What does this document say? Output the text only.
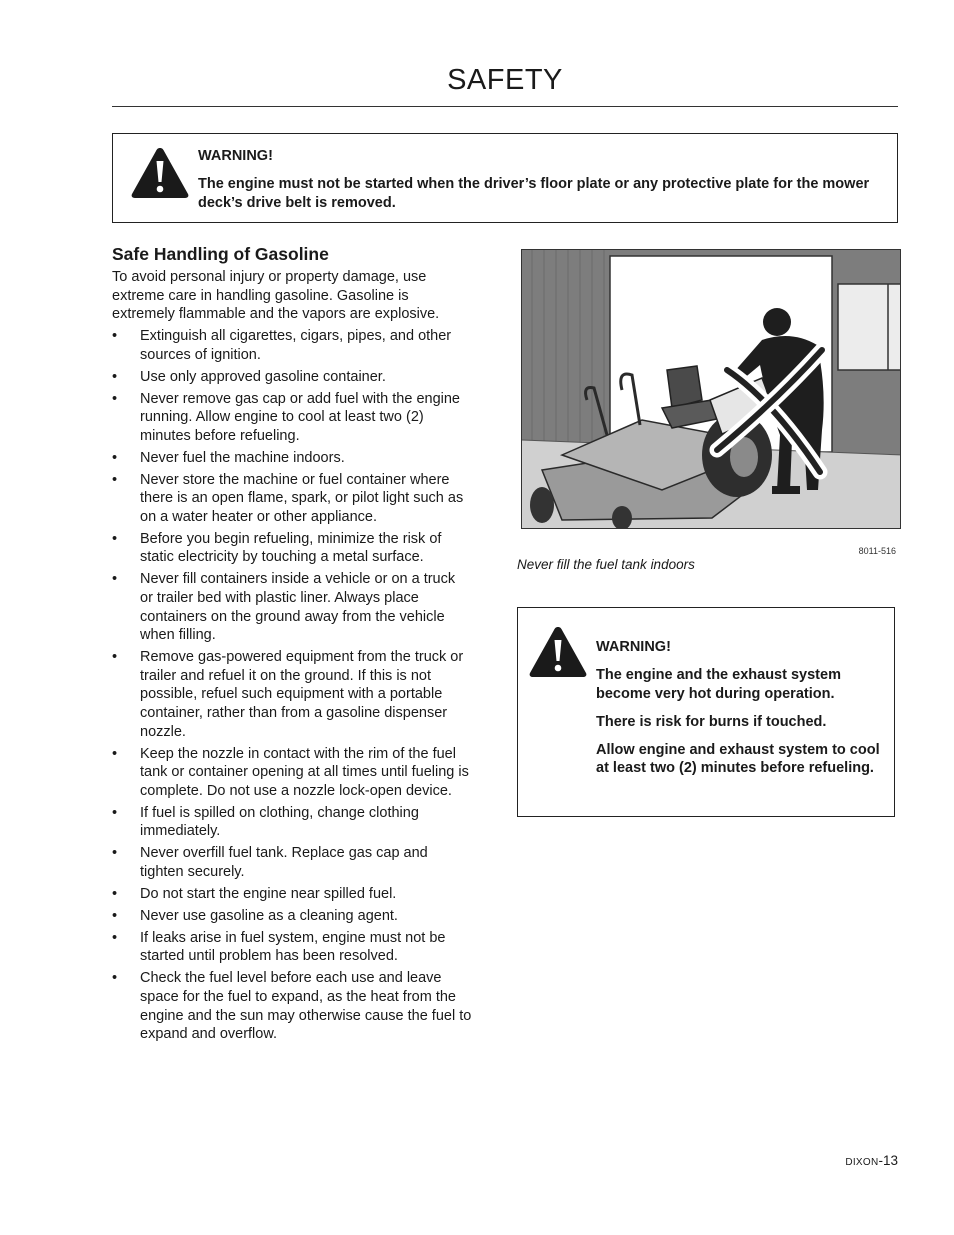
SAFETY

WARNING!

The engine must not be started when the driver’s floor plate or any protective plate for the mower deck’s drive belt is removed.

Safe Handling of Gasoline

To avoid personal injury or property damage, use extreme care in handling gasoline. Gasoline is extremely flammable and the vapors are explosive.

• Extinguish all cigarettes, cigars, pipes, and other sources of ignition.
• Use only approved gasoline container.
• Never remove gas cap or add fuel with the engine running. Allow engine to cool at least two (2) minutes before refueling.
• Never fuel the machine indoors.
• Never store the machine or fuel container where there is an open flame, spark, or pilot light such as on a water heater or other appliance.
• Before you begin refueling, minimize the risk of static electricity by touching a metal surface.
• Never fill containers inside a vehicle or on a truck or trailer bed with plastic liner. Always place containers on the ground away from the vehicle when filling.
• Remove gas-powered equipment from the truck or trailer and refuel it on the ground. If this is not possible, refuel such equipment with a portable container, rather than from a gasoline dispenser nozzle.
• Keep the nozzle in contact with the rim of the fuel tank or container opening at all times until fueling is complete. Do not use a nozzle lock-open device.
• If fuel is spilled on clothing, change clothing immediately.
• Never overfill fuel tank. Replace gas cap and tighten securely.
• Do not start the engine near spilled fuel.
• Never use gasoline as a cleaning agent.
• If leaks arise in fuel system, engine must not be started until problem has been resolved.
• Check the fuel level before each use and leave space for the fuel to expand, as the heat from the engine and the sun may otherwise cause the fuel to expand and overflow.
8011-516
Never fill the fuel tank indoors

WARNING!

The engine and the exhaust system become very hot during operation.

There is risk for burns if touched.

Allow engine and exhaust system to cool at least two (2) minutes before refueling.

DIXON-13
